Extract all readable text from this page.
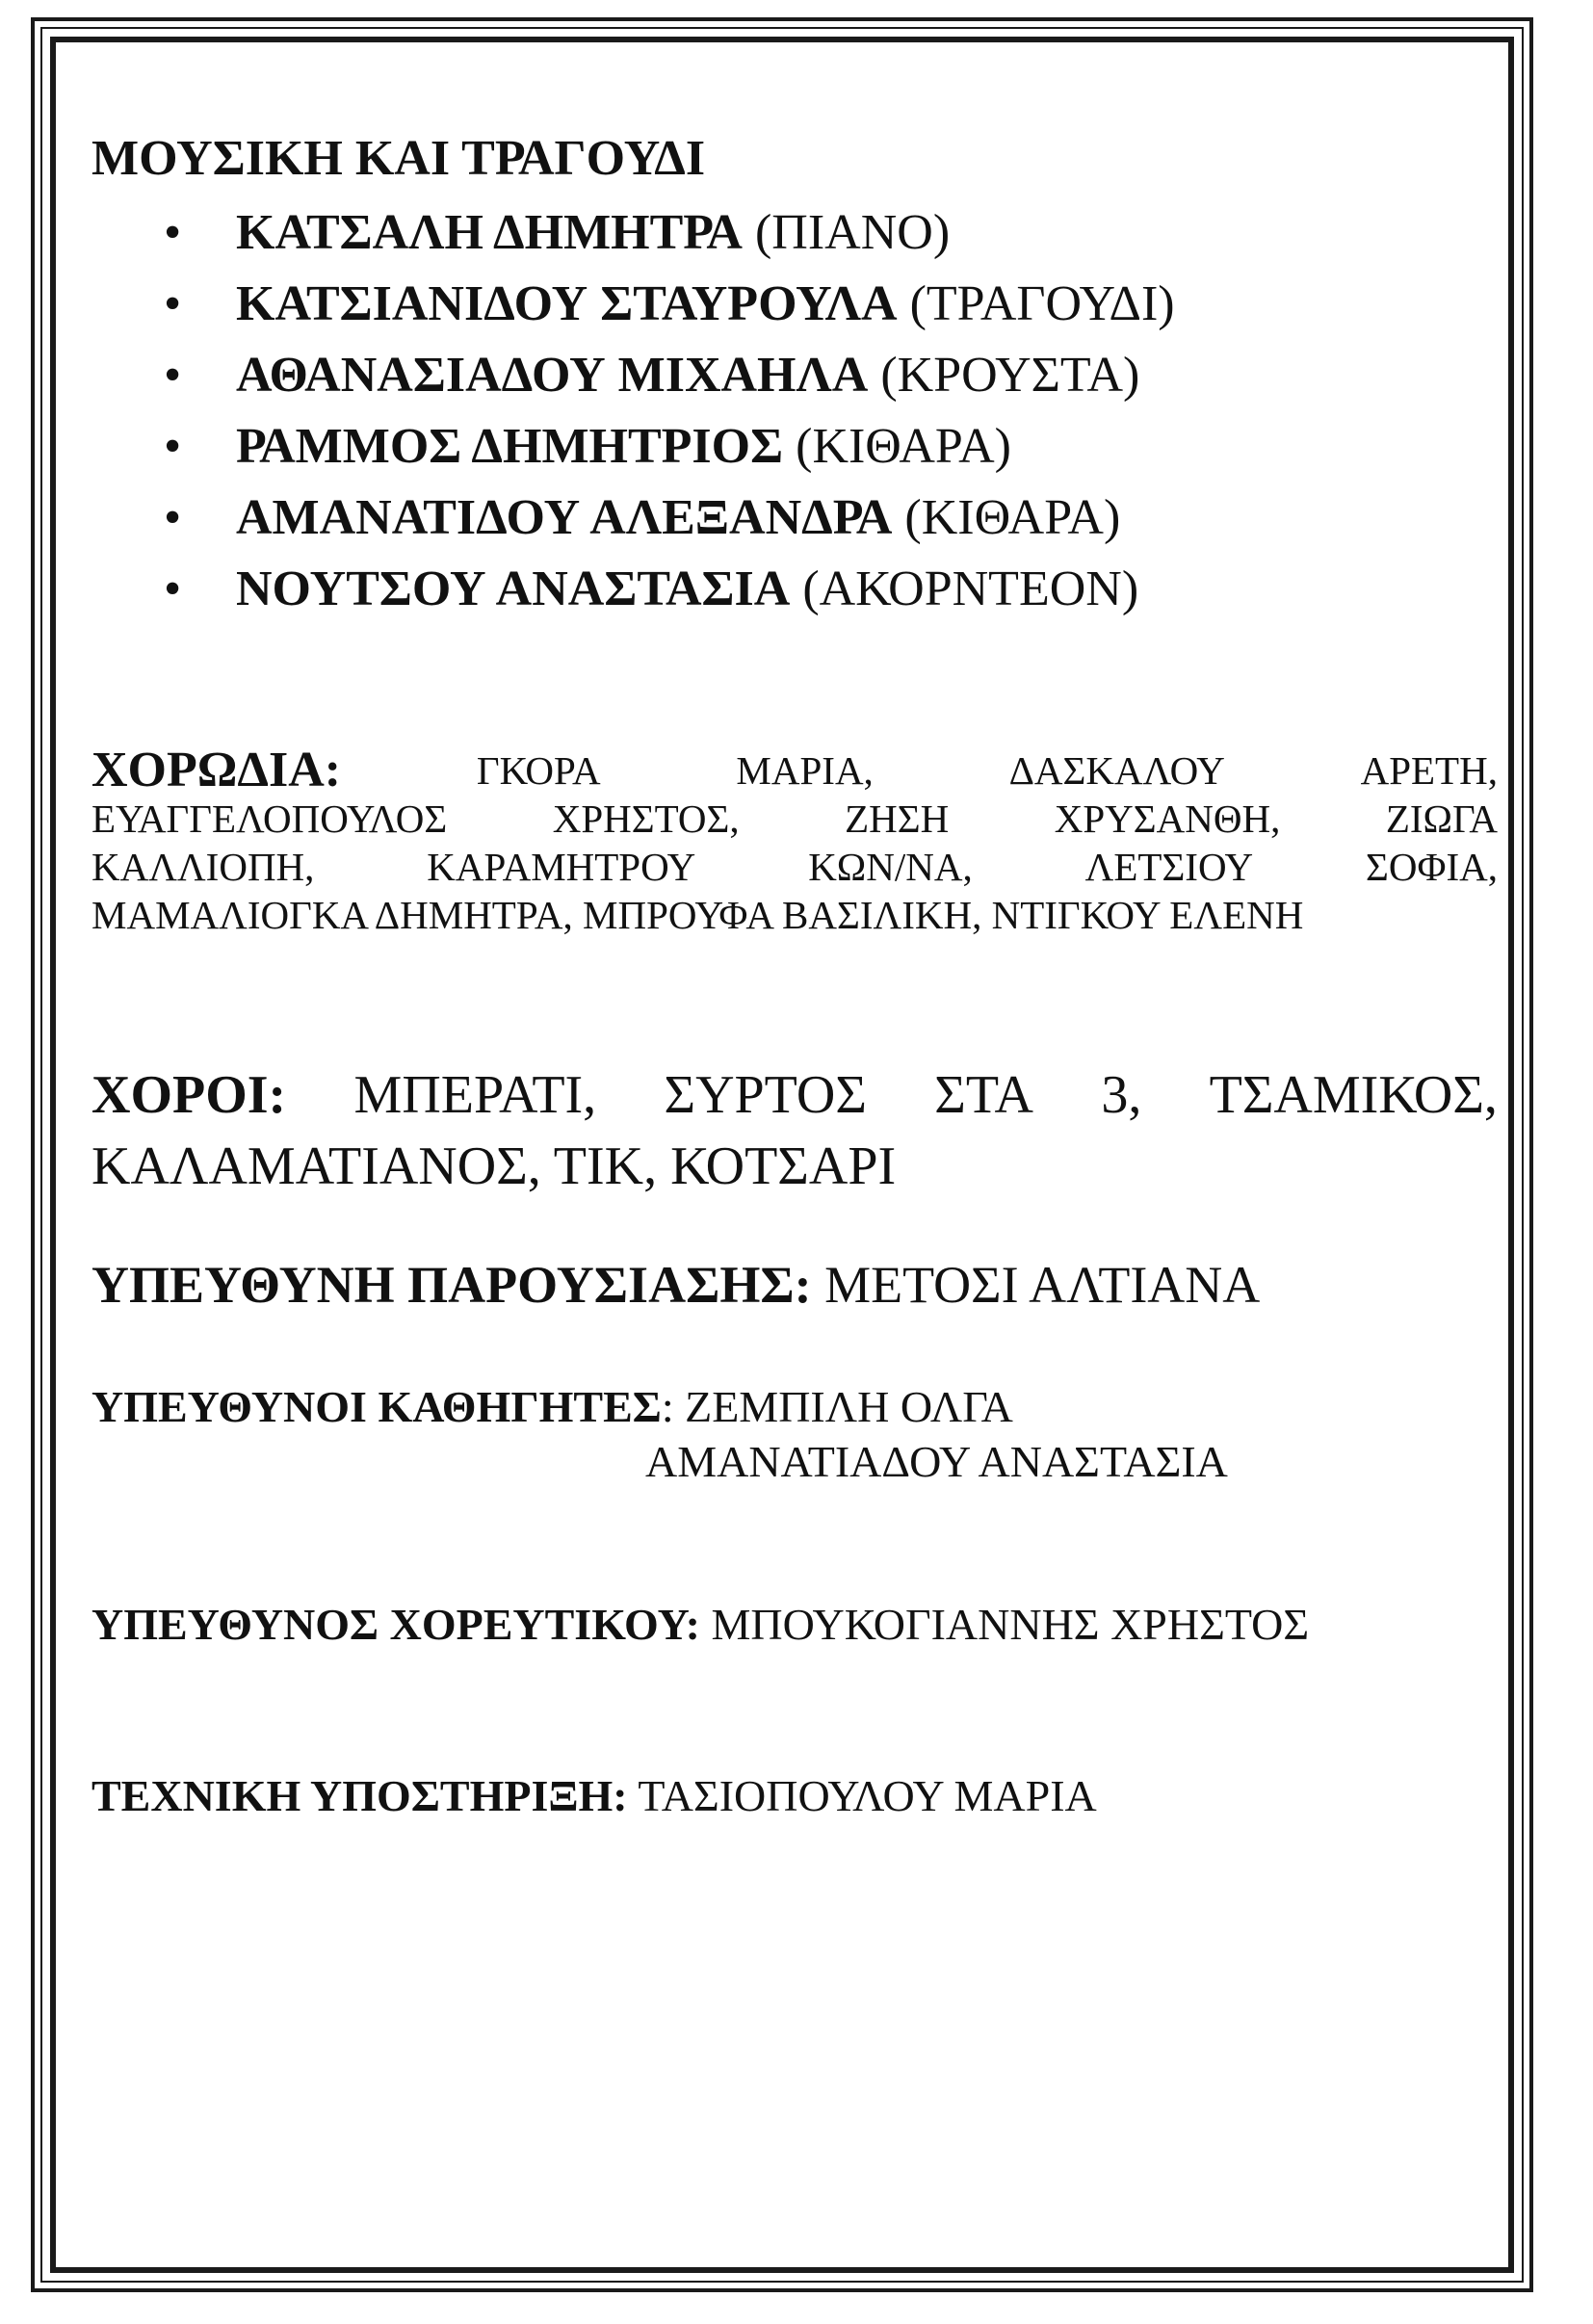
ΜΟΥΣΙΚΗ ΚΑΙ ΤΡΑΓΟΥΔΙ
• ΚΑΤΣΑΛΗ ΔΗΜΗΤΡΑ (ΠΙΑΝΟ)
• ΚΑΤΣΙΑΝΙΔΟΥ ΣΤΑΥΡΟΥΛΑ (ΤΡΑΓΟΥΔΙ)
• ΑΘΑΝΑΣΙΑΔΟΥ ΜΙΧΑΗΛΑ (ΚΡΟΥΣΤΑ)
• ΡΑΜΜΟΣ ΔΗΜΗΤΡΙΟΣ (ΚΙΘΑΡΑ)
• ΑΜΑΝΑΤΙΔΟΥ ΑΛΕΞΑΝΔΡΑ (ΚΙΘΑΡΑ)
• ΝΟΥΤΣΟΥ ΑΝΑΣΤΑΣΙΑ (ΑΚΟΡΝΤΕΟΝ)
ΧΟΡΩΔΙΑ:	ΓΚΟΡΑ	ΜΑΡΙΑ,	ΔΑΣΚΑΛΟΥ	ΑΡΕΤΗ,
ΕΥΑΓΓΕΛΟΠΟΥΛΟΣ	ΧΡΗΣΤΟΣ,	ΖΗΣΗ	ΧΡΥΣΑΝΘΗ,	ΖΙΩΓΑ
ΚΑΛΛΙΟΠΗ,	ΚΑΡΑΜΗΤΡΟΥ	ΚΩΝ/ΝΑ,	ΛΕΤΣΙΟΥ	ΣΟΦΙΑ,
ΜΑΜΑΛΙΟΓΚΑ ΔΗΜΗΤΡΑ, ΜΠΡΟΥΦΑ ΒΑΣΙΛΙΚΗ, ΝΤΙΓΚΟΥ ΕΛΕΝΗ
ΧΟΡΟΙ: ΜΠΕΡΑΤΙ, ΣΥΡΤΟΣ ΣΤΑ 3, ΤΣΑΜΙΚΟΣ,
ΚΑΛΑΜΑΤΙΑΝΟΣ, ΤΙΚ, ΚΟΤΣΑΡΙ
ΥΠΕΥΘΥΝΗ ΠΑΡΟΥΣΙΑΣΗΣ: ΜΕΤΟΣΙ ΑΛΤΙΑΝΑ
ΥΠΕΥΘΥΝΟΙ ΚΑΘΗΓΗΤΕΣ: ΖΕΜΠΙΛΗ ΟΛΓΑ
ΑΜΑΝΑΤΙΑΔΟΥ ΑΝΑΣΤΑΣΙΑ
ΥΠΕΥΘΥΝΟΣ ΧΟΡΕΥΤΙΚΟΥ: ΜΠΟΥΚΟΓΙΑΝΝΗΣ ΧΡΗΣΤΟΣ
ΤΕΧΝΙΚΗ ΥΠΟΣΤΗΡΙΞΗ: ΤΑΣΙΟΠΟΥΛΟΥ ΜΑΡΙΑ
